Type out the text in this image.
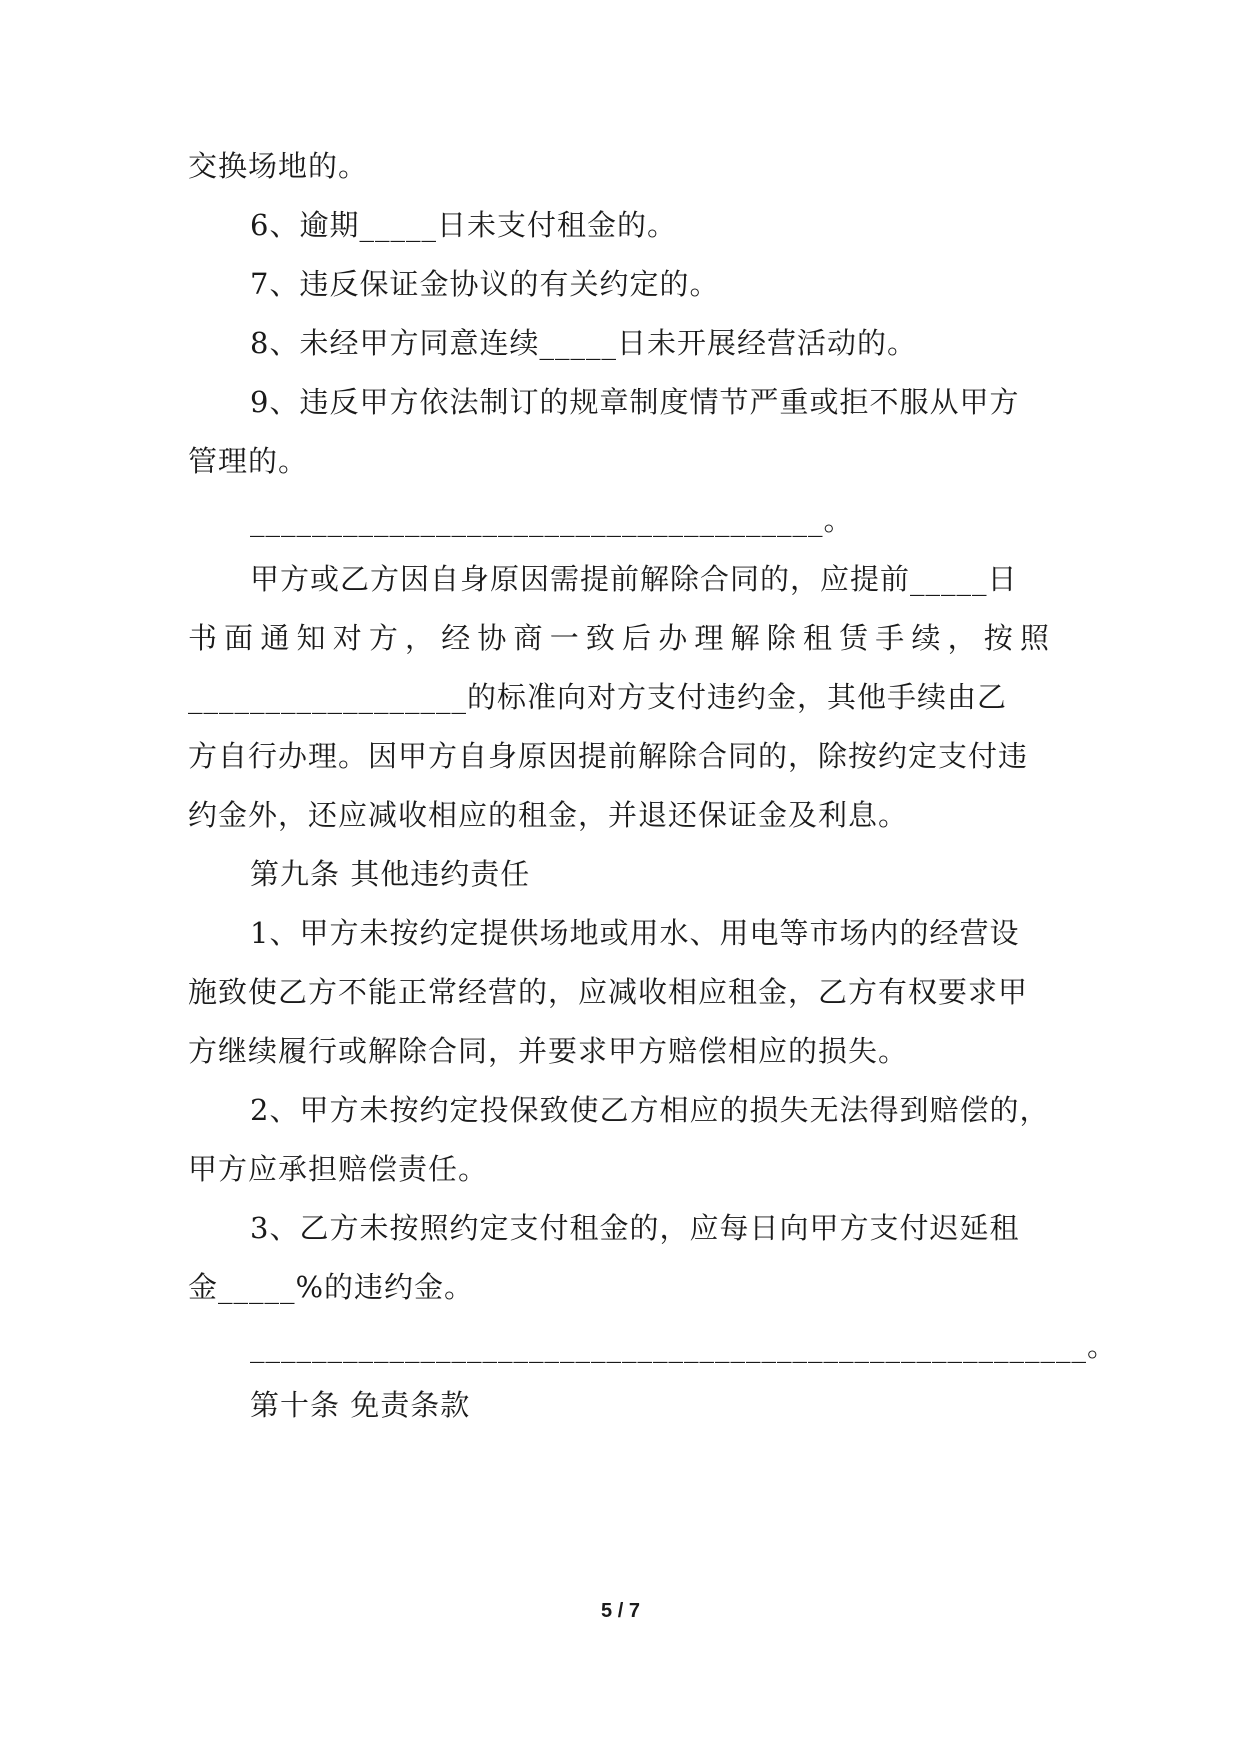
交换场地的。
6、逾期_____日未支付租金的。
7、违反保证金协议的有关约定的。
8、未经甲方同意连续_____日未开展经营活动的。
9、违反甲方依法制订的规章制度情节严重或拒不服从甲方
管理的。
_____________________________________。
甲方或乙方因自身原因需提前解除合同的，应提前_____日
书面通知对方，经协商一致后办理解除租赁手续，按照
__________________的标准向对方支付违约金，其他手续由乙
方自行办理。因甲方自身原因提前解除合同的，除按约定支付违
约金外，还应减收相应的租金，并退还保证金及利息。
第九条 其他违约责任
1、甲方未按约定提供场地或用水、用电等市场内的经营设
施致使乙方不能正常经营的，应减收相应租金，乙方有权要求甲
方继续履行或解除合同，并要求甲方赔偿相应的损失。
2、甲方未按约定投保致使乙方相应的损失无法得到赔偿的，
甲方应承担赔偿责任。
3、乙方未按照约定支付租金的，应每日向甲方支付迟延租
金_____%的违约金。
______________________________________________________。
第十条 免责条款
5 / 7
